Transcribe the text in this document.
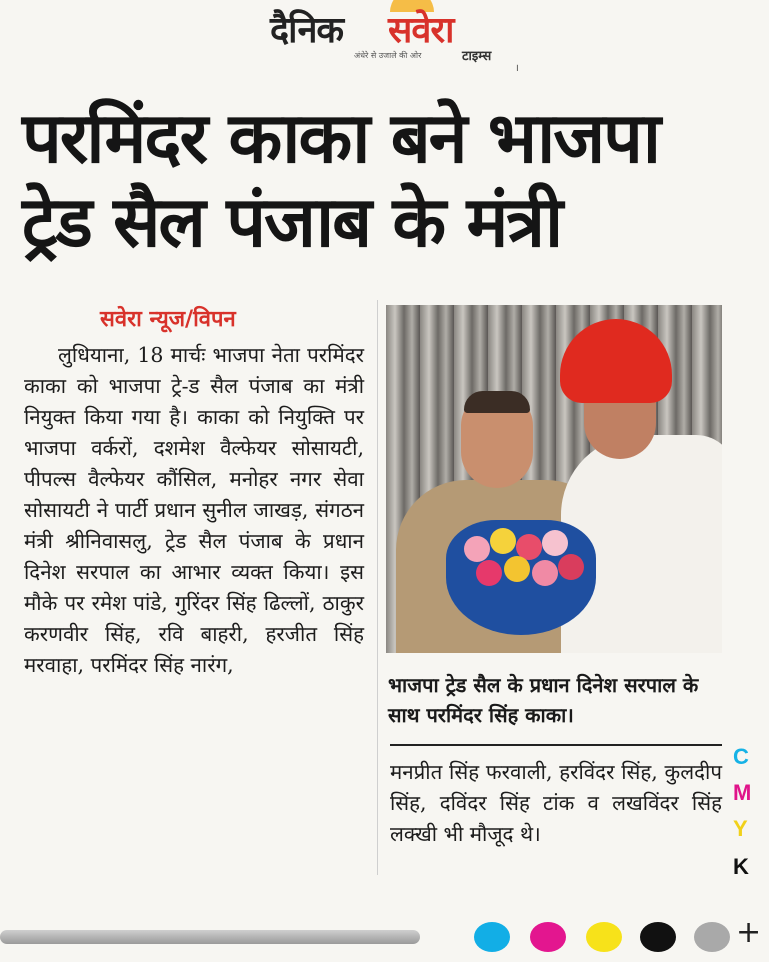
दैनिक सवेरा
अंधेरे से उजाले की ओर	टाइम्स
।
परमिंदर काका बने भाजपा
ट्रेड सैल पंजाब के मंत्री
सवेरा न्यूज/विपन

लुधियाना, 18 मार्चः भाजपा नेता परमिंदर काका को भाजपा ट्रे-ड सैल पंजाब का मंत्री नियुक्त किया गया है। काका को नियुक्ति पर भाजपा वर्करों, दशमेश वैल्फेयर सोसायटी, पीपल्स वैल्फेयर कौंसिल, मनोहर नगर सेवा सोसायटी ने पार्टी प्रधान सुनील जाखड़, संगठन मंत्री श्रीनिवासलु, ट्रेड सैल पंजाब के प्रधान दिनेश सरपाल का आभार व्यक्त किया। इस मौके पर रमेश पांडे, गुरिंदर सिंह ढिल्लों, ठाकुर करणवीर सिंह, रवि बाहरी, हरजीत सिंह मरवाहा, परमिंदर सिंह नारंग,

भाजपा ट्रेड सैल के प्रधान दिनेश सरपाल के साथ परमिंदर सिंह काका।

मनप्रीत सिंह फरवाली, हरविंदर सिंह, कुलदीप सिंह, दविंदर सिंह टांक व लखविंदर सिंह लक्खी भी मौजूद थे।

C
M
Y
K
+
